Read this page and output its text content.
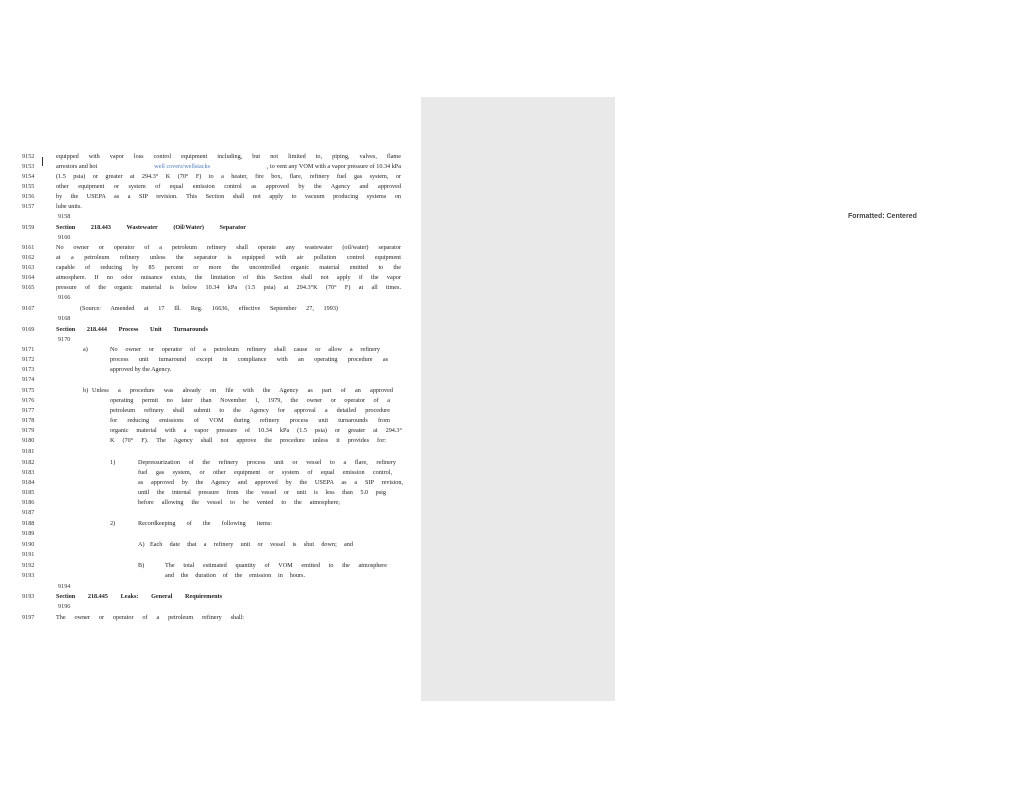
Formatted: Centered
9152	equipped with vapor loss control equipment including, but not limited to, piping, valves, flame
9153	arrestors and hot	well covers/wellstacks	, to vent any VOM with a vapor pressure of 10.34 kPa
9154	(1.5 psia) or greater at 294.3° K (70° F) to a heater, fire box, flare, refinery fuel gas system, or
9155	other equipment or system of equal emission control as approved by the Agency and approved
9156	by the USEPA as a SIP revision. This Section shall not apply to vacuum producing systems on
9157	lube units.
9158
9159	Section 218.443 Wastewater (Oil/Water) Separator
9160
9161	No owner or operator of a petroleum refinery shall operate any wastewater (oil/water) separator
9162	at a petroleum refinery unless the separator is equipped with air pollution control equipment
9163	capable of reducing by 85 percent or more the uncontrolled organic material emitted to the
9164	atmosphere. If no odor nuisance exists, the limitation of this Section shall not apply if the vapor
9165	pressure of the organic material is below 10.34 kPa (1.5 psia) at 294.3°K (70° F) at all times.
9166
9167	(Source: Amended at 17 Ill. Reg. 16636, effective September 27, 1993)
9168
9169	Section 218.444 Process Unit Turnarounds
9170
9171	a)	No owner or operator of a petroleum refinery shall cause or allow a refinery
9172	process unit turnaround except in compliance with an operating procedure as
9173	approved by the Agency.
9174
9175	b) Unless a procedure was already on file with the Agency as part of an approved
9176	operating permit no later than November 1, 1979, the owner or operator of a
9177	petroleum refinery shall submit to the Agency for approval a detailed procedure
9178	for reducing emissions of VOM during refinery process unit turnarounds from
9179	organic material with a vapor pressure of 10.34 kPa (1.5 psia) or greater at 294.3°
9180	K (70° F). The Agency shall not approve the procedure unless it provides for:
9181
9182	1)	Depressurization of the refinery process unit or vessel to a flare, refinery
9183	fuel gas system, or other equipment or system of equal emission control,
9184	as approved by the Agency and approved by the USEPA as a SIP revision,
9185	until the internal pressure from the vessel or unit is less than 5.0 psig
9186	before allowing the vessel to be vented to the atmosphere;
9187
9188	2)	Recordkeeping of the following items:
9189
9190	A) Each date that a refinery unit or vessel is shut down; and
9191
9192	B)	The total estimated quantity of VOM emitted to the atmosphere
9193	and the duration of the emission in hours.
9194
9193	Section 218.445 Leaks: General Requirements
9196
9197	The owner or operator of a petroleum refinery shall:
